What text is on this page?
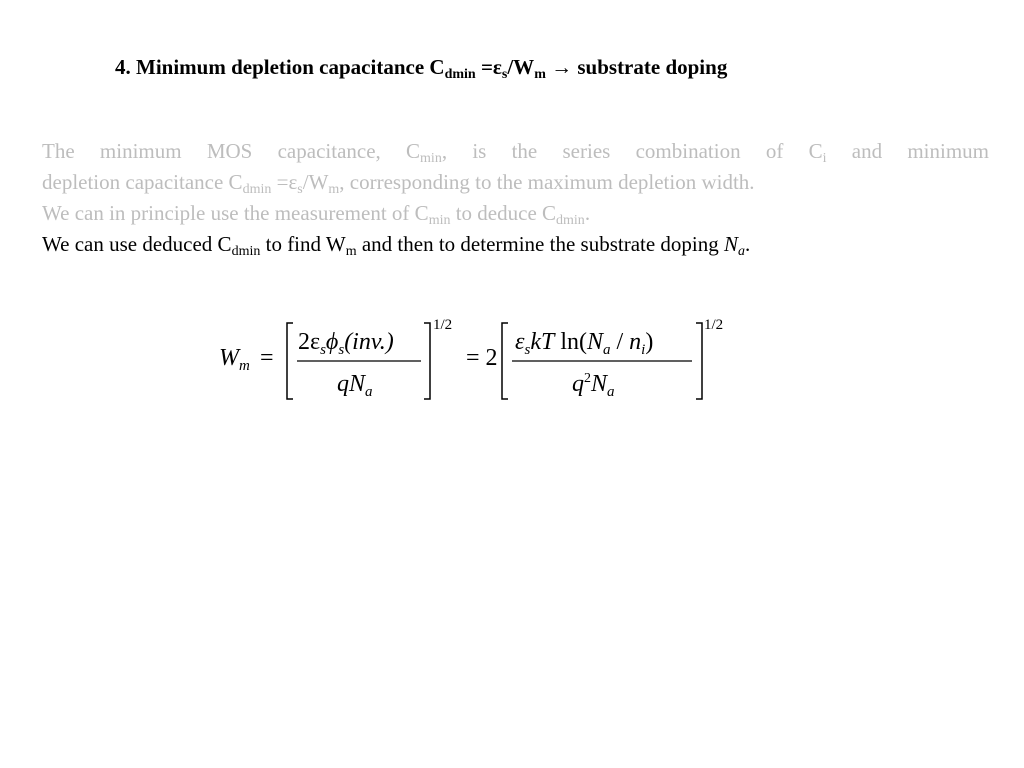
4. Minimum depletion capacitance $C_{dmin} =\varepsilon_s/W_m$ → substrate doping

The minimum MOS capacitance, $C_{min}$, is the series combination of $C_i$ and minimum

depletion capacitance $C_{dmin} =\varepsilon_s/W_m$, corresponding to the maximum depletion width.

We can in principle use the measurement of $C_{min}$ to deduce $C_{dmin}$.

We can use deduced $C_{dmin}$ to find $W_m$ and then to determine the substrate doping $N_a$.

$W_m$ =
$2\varepsilon_s\phi_s(inv.)$
$qN_a$
1/2
= 2
$\varepsilon_skT$ $\ln(N_a / n_i)$
$q^2N_a$
1/2
